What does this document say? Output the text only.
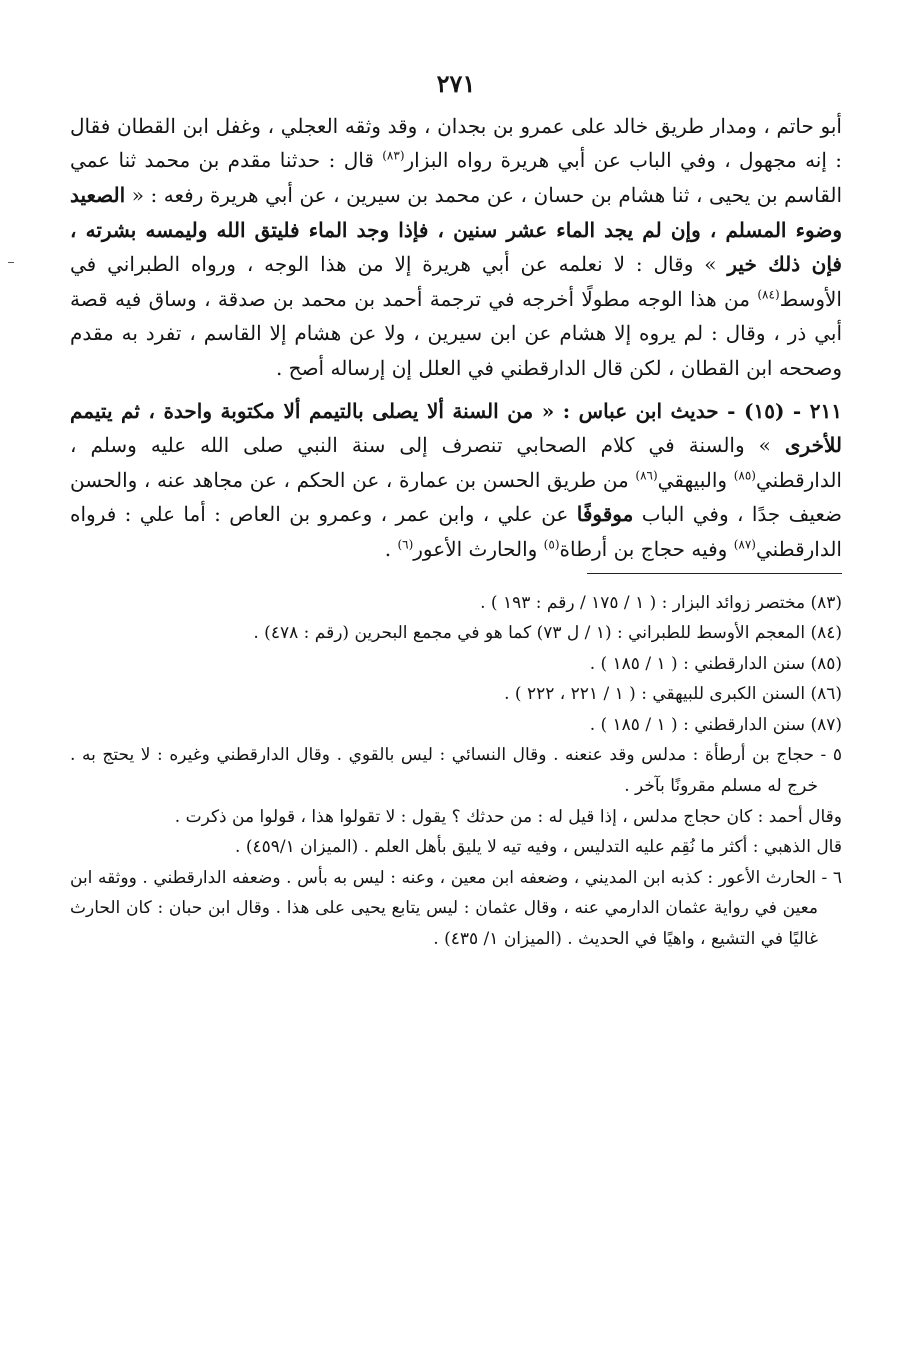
٢٧١

أبو حاتم ، ومدار طريق خالد على عمرو بن بجدان ، وقد وثقه العجلي ، وغفل ابن القطان فقال : إنه مجهول ، وفي الباب عن أبي هريرة رواه البزار$^{(٨٣)}$ قال : حدثنا مقدم بن محمد ثنا عمي القاسم بن يحيى ، ثنا هشام بن حسان ، عن محمد بن سيرين ، عن أبي هريرة رفعه : « الصعيد وضوء المسلم ، وإن لم يجد الماء عشر سنين ، فإذا وجد الماء فليتق الله وليمسه بشرته ، فإن ذلك خير » وقال : لا نعلمه عن أبي هريرة إلا من هذا الوجه ، ورواه الطبراني في الأوسط$^{(٨٤)}$ من هذا الوجه مطولًا أخرجه في ترجمة أحمد بن محمد بن صدقة ، وساق فيه قصة أبي ذر ، وقال : لم يروه إلا هشام عن ابن سيرين ، ولا عن هشام إلا القاسم ، تفرد به مقدم وصححه ابن القطان ، لكن قال الدارقطني في العلل إن إرساله أصح .

٢١١ - (١٥) - حديث ابن عباس : « من السنة ألا يصلى بالتيمم ألا مكتوبة واحدة ، ثم يتيمم للأخرى » والسنة في كلام الصحابي تنصرف إلى سنة النبي صلى الله عليه وسلم ، الدارقطني$^{(٨٥)}$ والبيهقي$^{(٨٦)}$ من طريق الحسن بن عمارة ، عن الحكم ، عن مجاهد عنه ، والحسن ضعيف جدًا ، وفي الباب موقوفًا عن علي ، وابن عمر ، وعمرو بن العاص : أما علي : فرواه الدارقطني$^{(٨٧)}$ وفيه حجاج بن أرطاة$^{(٥)}$ والحارث الأعور$^{(٦)}$ .

(٨٣) مختصر زوائد البزار : ( ١ / ١٧٥ / رقم : ١٩٣ ) .

(٨٤) المعجم الأوسط للطبراني : (١ / ل ٧٣) كما هو في مجمع البحرين (رقم : ٤٧٨) .

(٨٥) سنن الدارقطني : ( ١ / ١٨٥ ) .

(٨٦) السنن الكبرى للبيهقي : ( ١ / ٢٢١ ، ٢٢٢ ) .

(٨٧) سنن الدارقطني : ( ١ / ١٨٥ ) .

٥ - حجاج بن أرطأة : مدلس وقد عنعنه . وقال النسائي : ليس بالقوي . وقال الدارقطني وغيره : لا يحتج به . خرج له مسلم مقرونًا بآخر .

وقال أحمد : كان حجاج مدلس ، إذا قيل له : من حدثك ؟ يقول : لا تقولوا هذا ، قولوا من ذكرت .

قال الذهبي : أكثر ما نُقِم عليه التدليس ، وفيه تيه لا يليق بأهل العلم . (الميزان ٤٥٩/١) .

٦ - الحارث الأعور : كذبه ابن المديني ، وضعفه ابن معين ، وعنه : ليس به بأس . وضعفه الدارقطني . ووثقه ابن معين في رواية عثمان الدارمي عنه ، وقال عثمان : ليس يتابع يحيى على هذا . وقال ابن حبان : كان الحارث غاليًا في التشيع ، واهيًا في الحديث . (الميزان ١/ ٤٣٥) .
